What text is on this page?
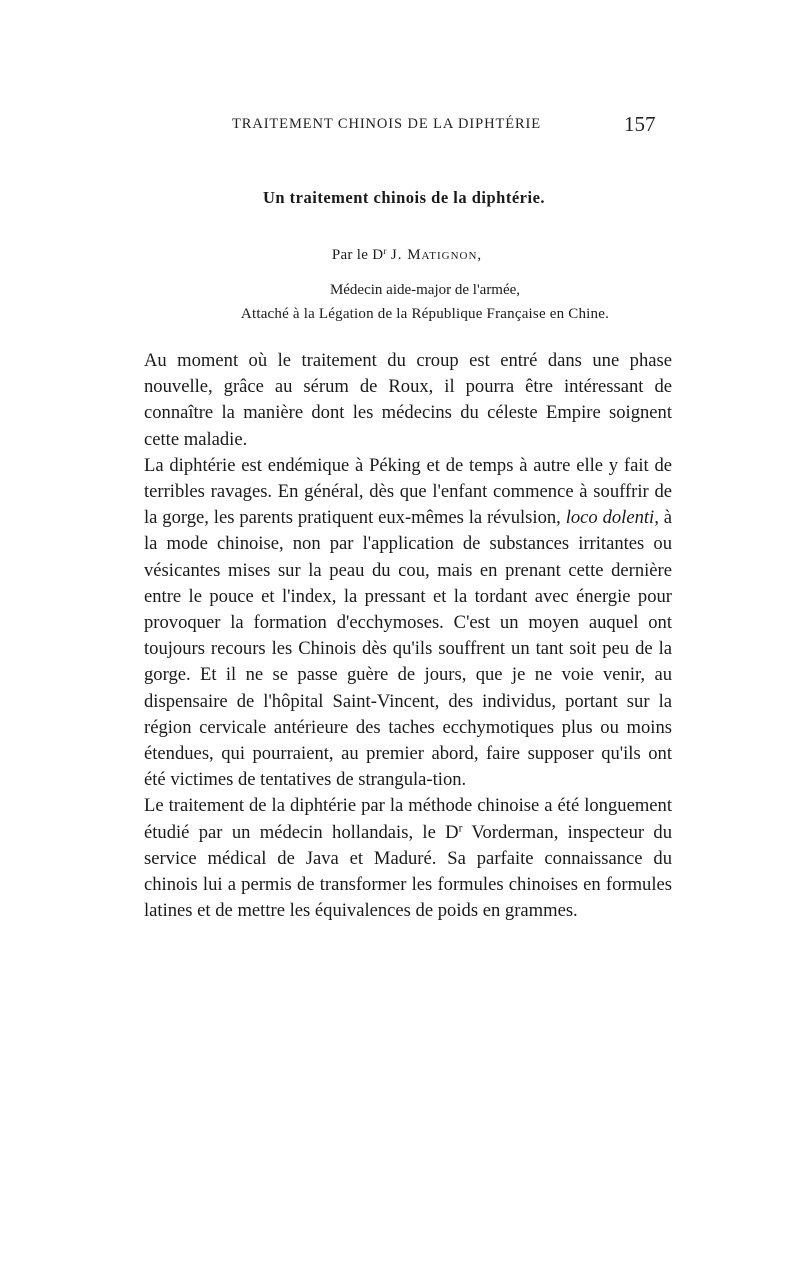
TRAITEMENT CHINOIS DE LA DIPHTÉRIE	157
Un traitement chinois de la diphtérie.
Par le $D^r$ J. Matignon,
Médecin aide-major de l'armée,
Attaché à la Légation de la République Française en Chine.

Au moment où le traitement du croup est entré dans une phase nouvelle, grâce au sérum de Roux, il pourra être intéressant de connaître la manière dont les médecins du céleste Empire soignent cette maladie.

La diphtérie est endémique à Péking et de temps à autre elle y fait de terribles ravages. En général, dès que l'enfant commence à souffrir de la gorge, les parents pratiquent eux-mêmes la révulsion, loco dolenti, à la mode chinoise, non par l'application de substances irritantes ou vésicantes mises sur la peau du cou, mais en prenant cette dernière entre le pouce et l'index, la pressant et la tordant avec énergie pour provoquer la formation d'ecchymoses. C'est un moyen auquel ont toujours recours les Chinois dès qu'ils souffrent un tant soit peu de la gorge. Et il ne se passe guère de jours, que je ne voie venir, au dispensaire de l'hôpital Saint-Vincent, des individus, portant sur la région cervicale antérieure des taches ecchymotiques plus ou moins étendues, qui pourraient, au premier abord, faire supposer qu'ils ont été victimes de tentatives de strangula-tion.

Le traitement de la diphtérie par la méthode chinoise a été longuement étudié par un médecin hollandais, le $D^r$ Vorderman, inspecteur du service médical de Java et Maduré. Sa parfaite connaissance du chinois lui a permis de transformer les formules chinoises en formules latines et de mettre les équivalences de poids en grammes.
